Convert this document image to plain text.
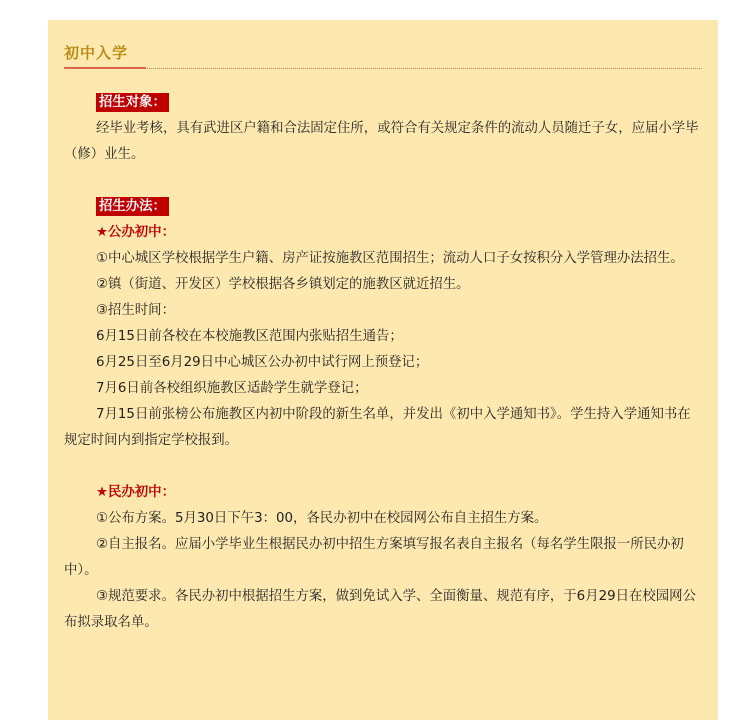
初中入学

招生对象：

经毕业考核，具有武进区户籍和合法固定住所，或符合有关规定条件的流动人员随迁子女，应届小学毕（修）业生。

招生办法：

★公办初中：

①中心城区学校根据学生户籍、房产证按施教区范围招生；流动人口子女按积分入学管理办法招生。

②镇（街道、开发区）学校根据各乡镇划定的施教区就近招生。

③招生时间：

6月15日前各校在本校施教区范围内张贴招生通告；

6月25日至6月29日中心城区公办初中试行网上预登记；

7月6日前各校组织施教区适龄学生就学登记；

7月15日前张榜公布施教区内初中阶段的新生名单，并发出《初中入学通知书》。学生持入学通知书在规定时间内到指定学校报到。

★民办初中：

①公布方案。5月30日下午3：00，各民办初中在校园网公布自主招生方案。

②自主报名。应届小学毕业生根据民办初中招生方案填写报名表自主报名（每名学生限报一所民办初中）。

③规范要求。各民办初中根据招生方案，做到免试入学、全面衡量、规范有序，于6月29日在校园网公布拟录取名单。
